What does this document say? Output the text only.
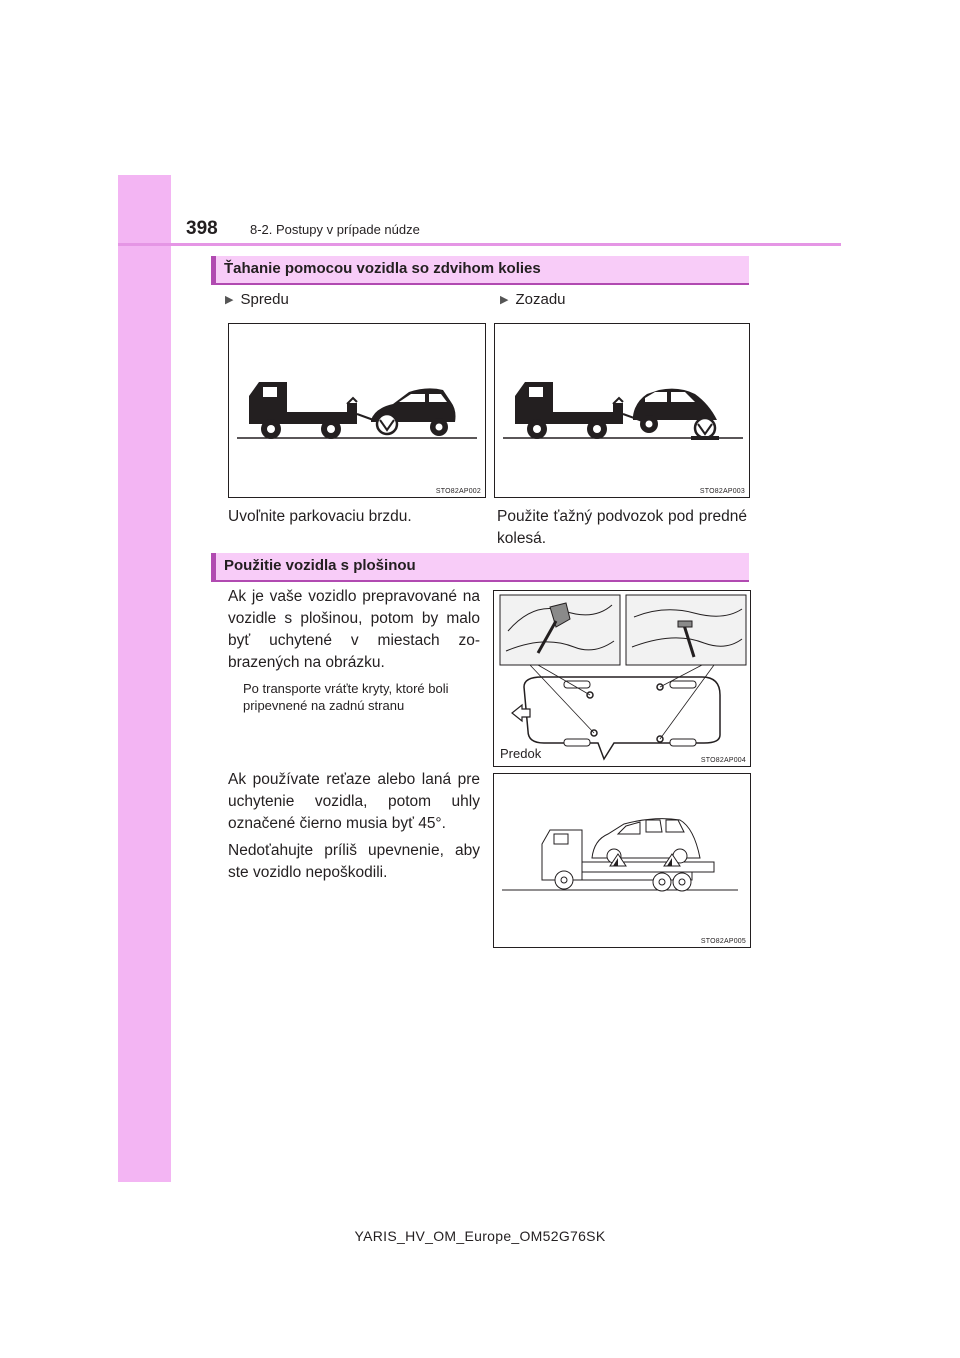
398 8-2. Postupy v prípade núdze
Ťahanie pomocou vozidla so zdvihom kolies
▶ Spredu	▶ Zozadu
STO82AP002	STO82AP003
Uvoľnite parkovaciu brzdu.	Použite ťažný podvozok pod predné kolesá.
Použitie vozidla s plošinou
Ak je vaše vozidlo prepravované na vozidle s plošinou, potom by malo byť uchytené v miestach zo-brazených na obrázku.
Po transporte vráťte kryty, ktoré boli pripevnené na zadnú stranu
Predok	STO82AP004
Ak používate reťaze alebo laná pre uchytenie vozidla, potom uhly označené čierno musia byť 45°.
Nedoťahujte príliš upevnenie, aby ste vozidlo nepoškodili.
STO82AP005
YARIS_HV_OM_Europe_OM52G76SK
